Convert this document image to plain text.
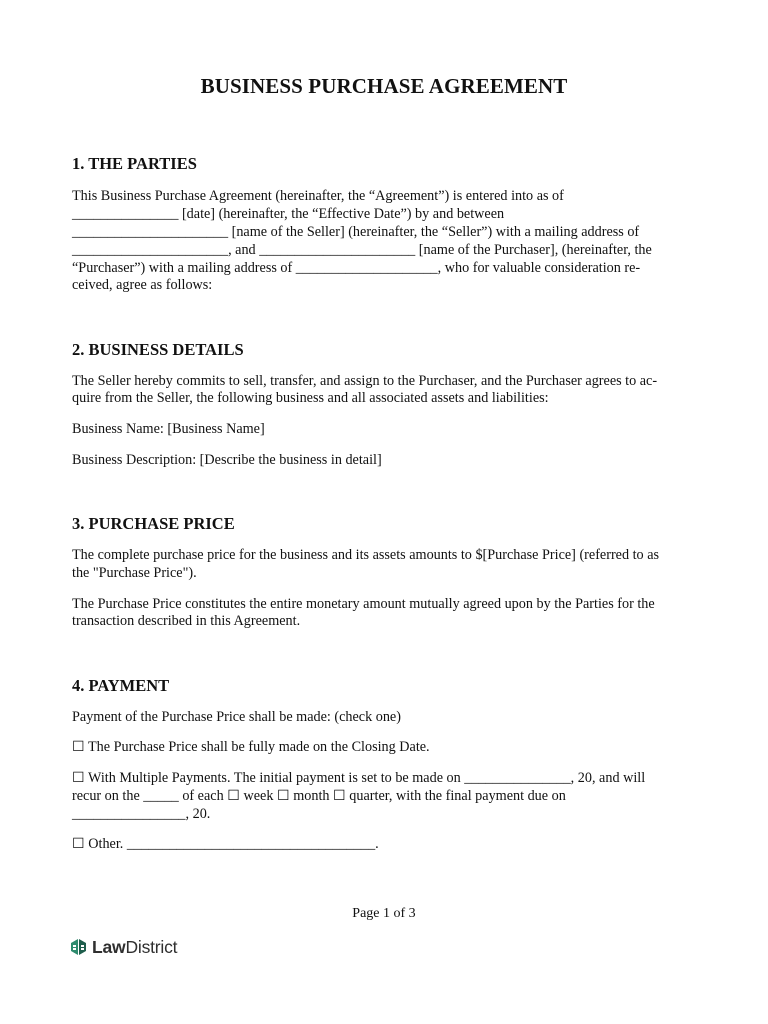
BUSINESS PURCHASE AGREEMENT
1. THE PARTIES
This Business Purchase Agreement (hereinafter, the “Agreement”) is entered into as of
_______________ [date] (hereinafter, the “Effective Date”) by and between
______________________ [name of the Seller] (hereinafter, the “Seller”) with a mailing address of
______________________, and ______________________ [name of the Purchaser], (hereinafter, the
“Purchaser”) with a mailing address of ____________________, who for valuable consideration re-
ceived, agree as follows:
2. BUSINESS DETAILS
The Seller hereby commits to sell, transfer, and assign to the Purchaser, and the Purchaser agrees to ac-
quire from the Seller, the following business and all associated assets and liabilities:
Business Name: [Business Name]
Business Description: [Describe the business in detail]
3. PURCHASE PRICE
The complete purchase price for the business and its assets amounts to $[Purchase Price] (referred to as
the "Purchase Price").
The Purchase Price constitutes the entire monetary amount mutually agreed upon by the Parties for the
transaction described in this Agreement.
4. PAYMENT
Payment of the Purchase Price shall be made: (check one)
☐ The Purchase Price shall be fully made on the Closing Date.
☐ With Multiple Payments. The initial payment is set to be made on _______________, 20, and will
recur on the _____ of each ☐ week ☐ month ☐ quarter, with the final payment due on
________________, 20.
☐ Other. ___________________________________.
Page 1 of 3
LawDistrict
